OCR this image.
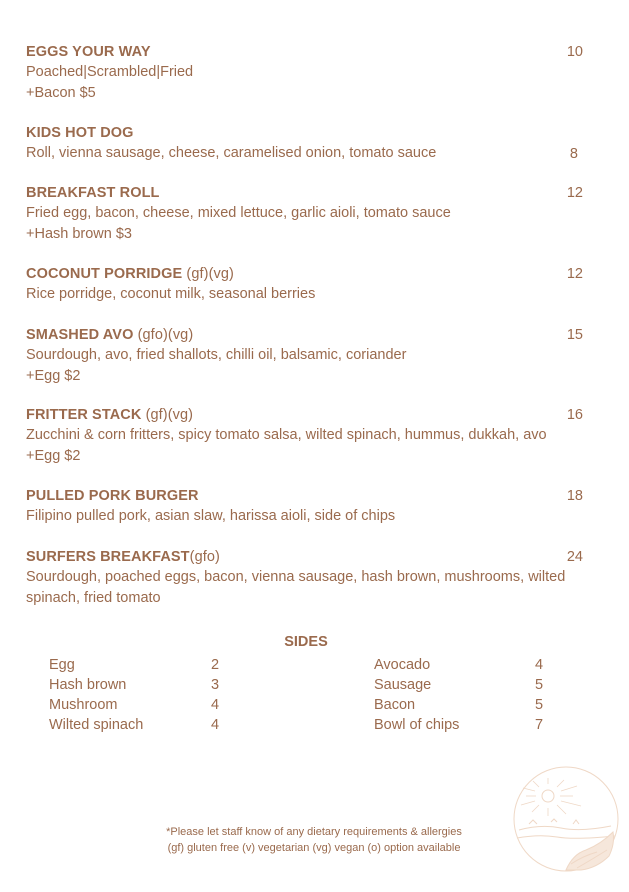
EGGS YOUR WAY	10
Poached|Scrambled|Fried
+Bacon $5
KIDS HOT DOG
Roll, vienna sausage, cheese, caramelised onion, tomato sauce	8
BREAKFAST ROLL	12
Fried egg, bacon, cheese, mixed lettuce, garlic aioli, tomato sauce
+Hash brown $3
COCONUT PORRIDGE (gf)(vg)	12
Rice porridge, coconut milk, seasonal berries
SMASHED AVO (gfo)(vg)	15
Sourdough, avo, fried shallots, chilli oil, balsamic, coriander
+Egg $2
FRITTER STACK (gf)(vg)	16
Zucchini & corn fritters, spicy tomato salsa, wilted spinach, hummus, dukkah, avo
+Egg $2
PULLED PORK BURGER	18
Filipino pulled pork, asian slaw, harissa aioli, side of chips
SURFERS BREAKFAST(gfo)	24
Sourdough, poached eggs, bacon, vienna sausage, hash brown, mushrooms, wilted
spinach, fried tomato
SIDES
Egg	2
Hash brown	3
Mushroom	4
Wilted spinach	4
Avocado	4
Sausage	5
Bacon	5
Bowl of chips	7
*Please let staff know of any dietary requirements & allergies
(gf) gluten free (v) vegetarian (vg) vegan (o) option available
